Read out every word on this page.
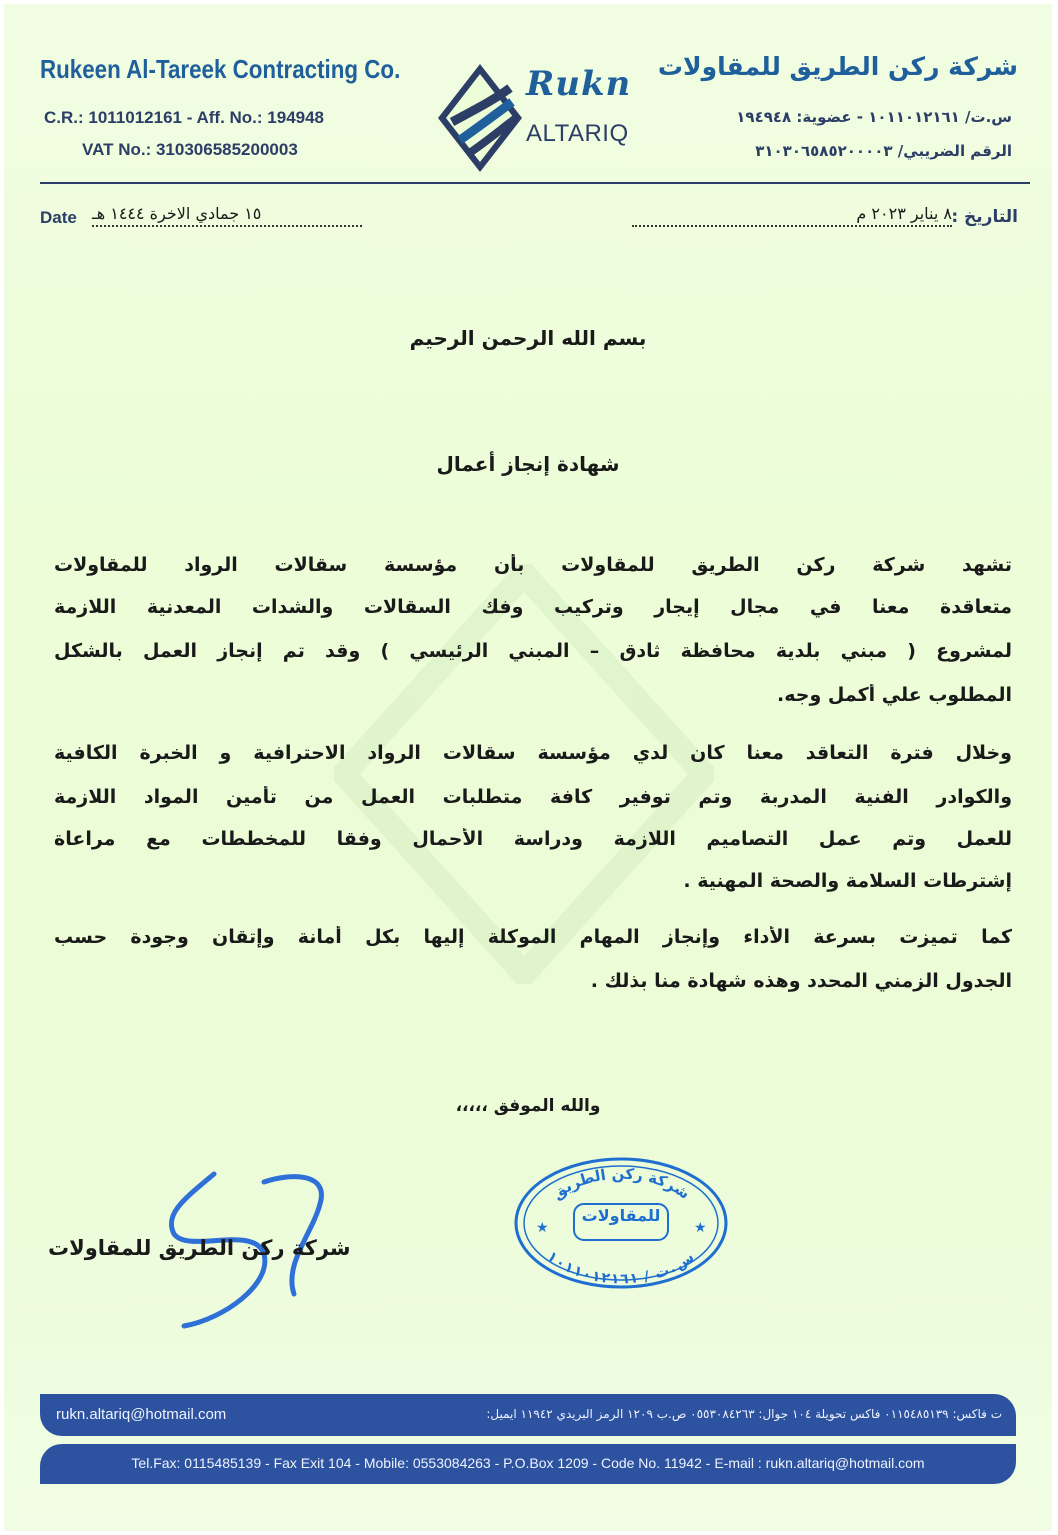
Rukeen Al-Tareek Contracting Co.
C.R.: 1011012161 - Aff. No.: 194948
VAT No.: 310306585200003
Rukn
ALTARIQ
شركة ركن الطريق للمقاولات
س.ت/ ١٠١١٠١٢١٦١ - عضوية: ١٩٤٩٤٨
الرقم الضريبي/ ٣١٠٣٠٦٥٨٥٢٠٠٠٠٣
Date ١٥ جمادي الاخرة ١٤٤٤ هـ	التاريخ :
٨ يناير ٢٠٢٣ م
بسم الله الرحمن الرحيم
شهادة إنجاز أعمال
تشهد شركة ركن الطريق للمقاولات بأن مؤسسة سقالات الرواد للمقاولات
متعاقدة معنا في مجال إيجار وتركيب وفك السقالات والشدات المعدنية اللازمة
لمشروع ( مبني بلدية محافظة ثادق – المبني الرئيسي ) وقد تم إنجاز العمل بالشكل
المطلوب علي أكمل وجه.
وخلال فترة التعاقد معنا كان لدي مؤسسة سقالات الرواد الاحترافية و الخبرة الكافية
والكوادر الفنية المدربة وتم توفير كافة متطلبات العمل من تأمين المواد اللازمة
للعمل وتم عمل التصاميم اللازمة ودراسة الأحمال وفقا للمخططات مع مراعاة
إشترطات السلامة والصحة المهنية .
كما تميزت بسرعة الأداء وإنجاز المهام الموكلة إليها بكل أمانة وإتقان وجودة حسب
الجدول الزمني المحدد وهذه شهادة منا بذلك .
والله الموفق ،،،،،
شركة ركن الطريق للمقاولات
شركة ركن الطريق
س.ت / ١٠١١٠١٢١٦١
★	★
للمقاولات
rukn.altariq@hotmail.com	ت فاكس: ٠١١٥٤٨٥١٣٩ فاكس تحويلة ١٠٤ جوال: ٠٥٥٣٠٨٤٢٦٣ ص.ب ١٢٠٩ الرمز البريدي ١١٩٤٢ ايميل:
Tel.Fax: 0115485139 - Fax Exit 104 - Mobile: 0553084263 - P.O.Box 1209 - Code No. 11942 - E-mail : rukn.altariq@hotmail.com
